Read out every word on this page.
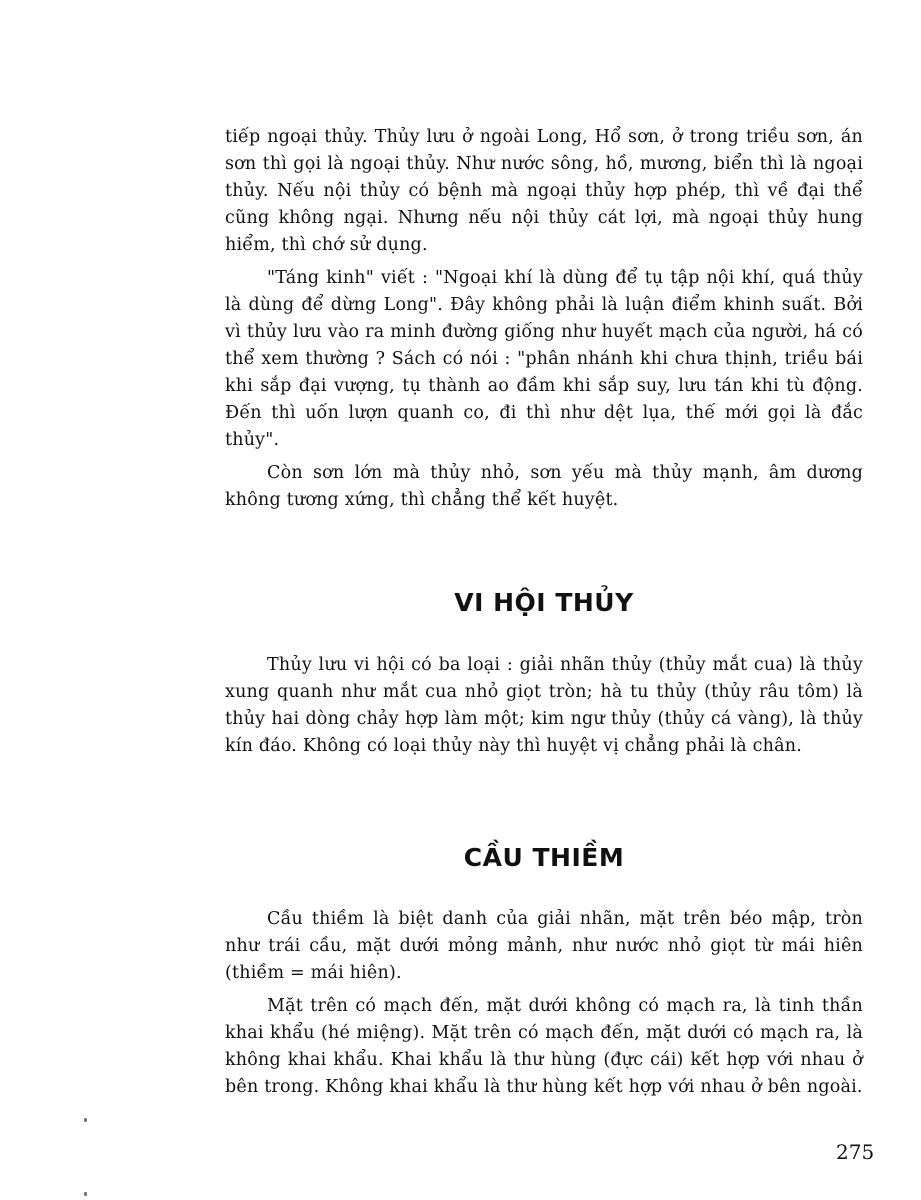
tiếp ngoại thủy. Thủy lưu ở ngoài Long, Hổ sơn, ở trong triều sơn, án sơn thì gọi là ngoại thủy. Như nước sông, hồ, mương, biển thì là ngoại thủy. Nếu nội thủy có bệnh mà ngoại thủy hợp phép, thì về đại thể cũng không ngại. Nhưng nếu nội thủy cát lợi, mà ngoại thủy hung hiểm, thì chớ sử dụng.

"Táng kinh" viết : "Ngoại khí là dùng để tụ tập nội khí, quá thủy là dùng để dừng Long". Đây không phải là luận điểm khinh suất. Bởi vì thủy lưu vào ra minh đường giống như huyết mạch của người, há có thể xem thường ? Sách có nói : "phân nhánh khi chưa thịnh, triều bái khi sắp đại vượng, tụ thành ao đầm khi sắp suy, lưu tán khi tù động. Đến thì uốn lượn quanh co, đi thì như dệt lụa, thế mới gọi là đắc thủy".

Còn sơn lớn mà thủy nhỏ, sơn yếu mà thủy mạnh, âm dương không tương xứng, thì chẳng thể kết huyệt.

VI HỘI THỦY

Thủy lưu vi hội có ba loại : giải nhãn thủy (thủy mắt cua) là thủy xung quanh như mắt cua nhỏ giọt tròn; hà tu thủy (thủy râu tôm) là thủy hai dòng chảy hợp làm một; kim ngư thủy (thủy cá vàng), là thủy kín đáo. Không có loại thủy này thì huyệt vị chẳng phải là chân.

CẦU THIỀM

Cầu thiềm là biệt danh của giải nhãn, mặt trên béo mập, tròn như trái cầu, mặt dưới mỏng mảnh, như nước nhỏ giọt từ mái hiên (thiềm = mái hiên).

Mặt trên có mạch đến, mặt dưới không có mạch ra, là tinh thần khai khẩu (hé miệng). Mặt trên có mạch đến, mặt dưới có mạch ra, là không khai khẩu. Khai khẩu là thư hùng (đực cái) kết hợp với nhau ở bên trong. Không khai khẩu là thư hùng kết hợp với nhau ở bên ngoài.

275
